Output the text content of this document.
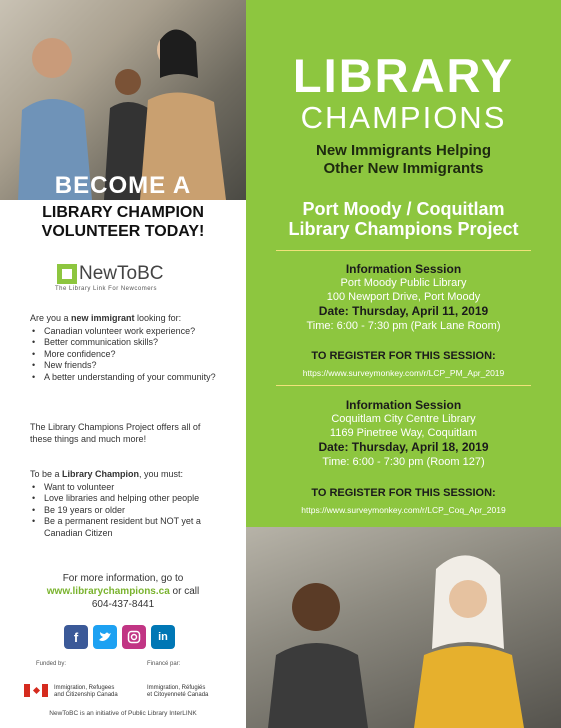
BECOME A
LIBRARY CHAMPION
VOLUNTEER TODAY!
NewToBC
The Library Link For Newcomers
Are you a new immigrant looking for:
• Canadian volunteer work experience?
• Better communication skills?
• More confidence?
• New friends?
• A better understanding of your community?
The Library Champions Project offers all of these things and much more!
To be a Library Champion, you must:
• Want to volunteer
• Love libraries and helping other people
• Be 19 years or older
• Be a permanent resident but NOT yet a Canadian Citizen
For more information, go to
www.librarychampions.ca or call
604-437-8441
f	in
Funded by:	Financé par:
Immigration, Refugees
and Citizenship Canada
Immigration, Réfugiés
et Citoyenneté Canada
NewToBC is an initiative of Public Library InterLINK
LIBRARY
CHAMPIONS
New Immigrants Helping
Other New Immigrants
Port Moody / Coquitlam
Library Champions Project
Information Session
Port Moody Public Library
100 Newport Drive, Port Moody
Date: Thursday, April 11, 2019
Time: 6:00 - 7:30 pm (Park Lane Room)
TO REGISTER FOR THIS SESSION:
https://www.surveymonkey.com/r/LCP_PM_Apr_2019
Information Session
Coquitlam City Centre Library
1169 Pinetree Way, Coquitlam
Date: Thursday, April 18, 2019
Time: 6:00 - 7:30 pm (Room 127)
TO REGISTER FOR THIS SESSION:
https://www.surveymonkey.com/r/LCP_Coq_Apr_2019
